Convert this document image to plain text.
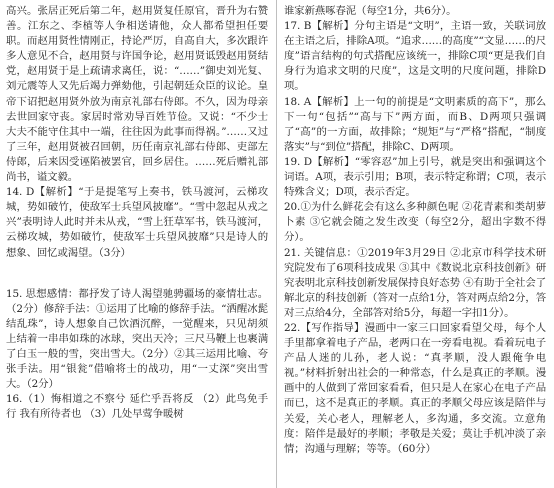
高兴。张居正死后第二年，赵用贤复任原官，晋升为右赞善。江东之、李植等人争相送请他，众人都希望担任要职。而赵用贤性情刚正，持论严厉，自高自大，多次跟许多人意见不合，赵用贤与许国争论，赵用贤诋毁赵用贤结党，赵用贤于是上疏请求离任，说：“……”御史刘光复、刘元震等人又先后竭力弹劾他，引起朝廷众臣的议论。皇帝下诏把赵用贤外放为南京礼部右侍郎。不久，因为母亲去世回家守丧。家居时常劝导百姓节俭。又说：“不少士大夫不能守住其中一端，往往因为此事而得祸。”……又过了三年，赵用贤被召回朝，历任南京礼部右侍郎、吏部左侍郎，后来因受诬陷被罢官，回乡居住。……死后赠礼部尚书，谥文毅。

14. D【解析】“于是提笔写上奏书，铁马渡河，云梯攻城，势如破竹，使敌军士兵望风披靡”。“雪中忽起从戎之兴”表明诗人此时并未从戎，“雪上狂草军书，铁马渡河，云梯攻城，势如破竹，使敌军士兵望风披靡”只是诗人的想象、回忆或渴望。（3分）

15. 思想感情：都抒发了诗人渴望驰骋疆场的豪情壮志。（2分）修辞手法：①运用了比喻的修辞手法。“洒醒冰髭结乱珠”，诗人想象自己饮酒沉醉，一觉醒来，只见胡须上结着一串串如珠的冰球，突出天冷；三尺马鞭上也裹满了白玉一般的雪，突出雪大。（2分）②其三运用比喻、夸张手法。用“银瓮”借喻将士的战功，用“一丈深”突出雪大。（2分）

16.（1）悔相道之不察兮 延伫乎吾将反 （2）此鸟免手行 我有所待者也 （3）几处早莺争暖树

谁家新燕啄春泥（每空1分，共6分）。

17. B【解析】分句主语是“文明”，主语一致，关联词放在主语之后，排除A项。“追求……的高度”“文显……的尺度”语言结构的句式搭配应该统一，排除C项“更是我们自身行为追求文明的尺度”，这是文明的尺度问题，排除D项。

18. A【解析】上一句的前提是“文明素质的高下”，那么下一句“包括”“高与下”两方面，而B、D两项只强调了“高”的一方面，故排除；“规矩”与“严格”搭配，“制度落实”与“到位”搭配，排除C、D两项。

19. D【解析】“零容忍”加上引号，就是突出和强调这个词语。A项，表示引用；B项，表示特定称谓；C项，表示特殊含义；D项，表示否定。

20.①为什么鲜花会有这么多种颜色呢 ②花青素和类胡萝卜素 ③它就会随之发生改变（每空2分，超出字数不得分）。

21. 关键信息：①2019年3月29日 ②北京市科学技术研究院发布了6项科技成果 ③其中《数说北京科技创新》研究表明北京科技创新发展保持良好态势 ④有助于全社会了解北京的科技创新（答对一点给1分，答对两点给2分，答对三点给4分，全部答对给5分，每超一字扣1分）。

22.【写作指导】漫画中一家三口回家看望父母，每个人手里都拿着电子产品，老两口在一旁看电视。看着玩电子产品人迷的儿孙，老人说：“真孝顺，没人跟俺争电视。”材料折射出社会的一种常态，什么是真正的孝顺。漫画中的人做到了常回家看看，但只是人在家心在电子产品而已，这不是真正的孝顺。真正的孝顺父母应该是陪伴与关爱，关心老人，理解老人，多沟通，多交流。立意角度：陪伴是最好的孝顺；孝敬是关爱；莫让手机冲淡了亲情；沟通与理解；等等。（60分）
